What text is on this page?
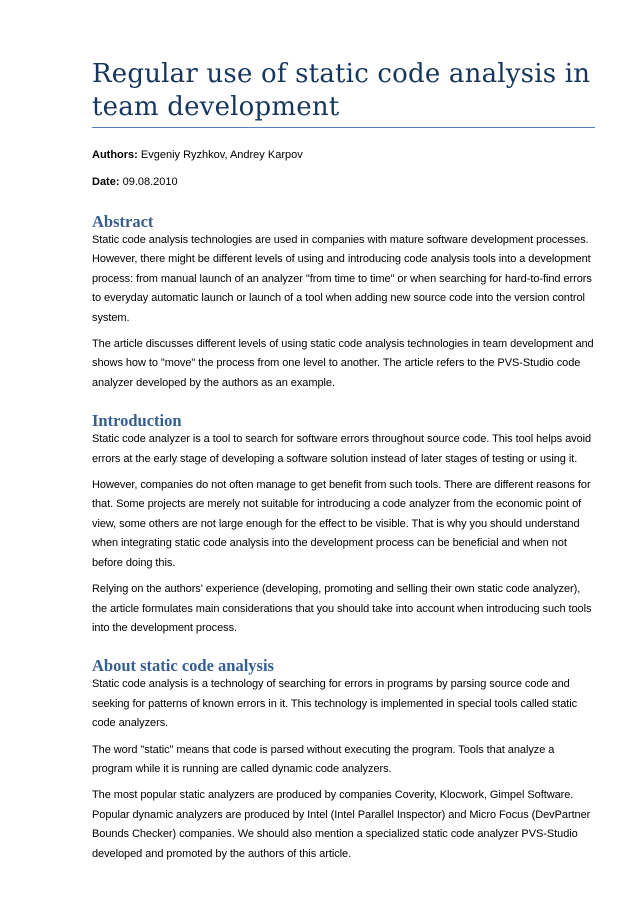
Regular use of static code analysis in team development

Authors: Evgeniy Ryzhkov, Andrey Karpov

Date: 09.08.2010

Abstract

Static code analysis technologies are used in companies with mature software development processes. However, there might be different levels of using and introducing code analysis tools into a development process: from manual launch of an analyzer "from time to time" or when searching for hard-to-find errors to everyday automatic launch or launch of a tool when adding new source code into the version control system.

The article discusses different levels of using static code analysis technologies in team development and shows how to "move" the process from one level to another. The article refers to the PVS-Studio code analyzer developed by the authors as an example.

Introduction

Static code analyzer is a tool to search for software errors throughout source code. This tool helps avoid errors at the early stage of developing a software solution instead of later stages of testing or using it.

However, companies do not often manage to get benefit from such tools. There are different reasons for that. Some projects are merely not suitable for introducing a code analyzer from the economic point of view, some others are not large enough for the effect to be visible. That is why you should understand when integrating static code analysis into the development process can be beneficial and when not before doing this.

Relying on the authors' experience (developing, promoting and selling their own static code analyzer), the article formulates main considerations that you should take into account when introducing such tools into the development process.

About static code analysis

Static code analysis is a technology of searching for errors in programs by parsing source code and seeking for patterns of known errors in it. This technology is implemented in special tools called static code analyzers.

The word "static" means that code is parsed without executing the program. Tools that analyze a program while it is running are called dynamic code analyzers.

The most popular static analyzers are produced by companies Coverity, Klocwork, Gimpel Software. Popular dynamic analyzers are produced by Intel (Intel Parallel Inspector) and Micro Focus (DevPartner Bounds Checker) companies. We should also mention a specialized static code analyzer PVS-Studio developed and promoted by the authors of this article.
